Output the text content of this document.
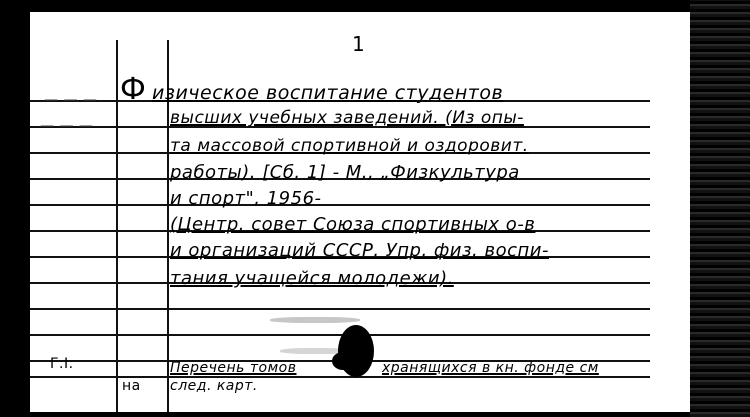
— — —
— — —
1
Ф изическое воспитание студентов
высших учебных заведений. (Из опы-
та массовой спортивной и оздоровит.
работы). [Сб. 1] - М., „Физкультура
и спорт", 1956-
(Центр. совет Союза спортивных о-в
и организаций СССР. Упр. физ. воспи-
тания учащейся молодежи).
Г.I.	Перечень томов	хранящихся в кн. фонде см
на след. карт.
